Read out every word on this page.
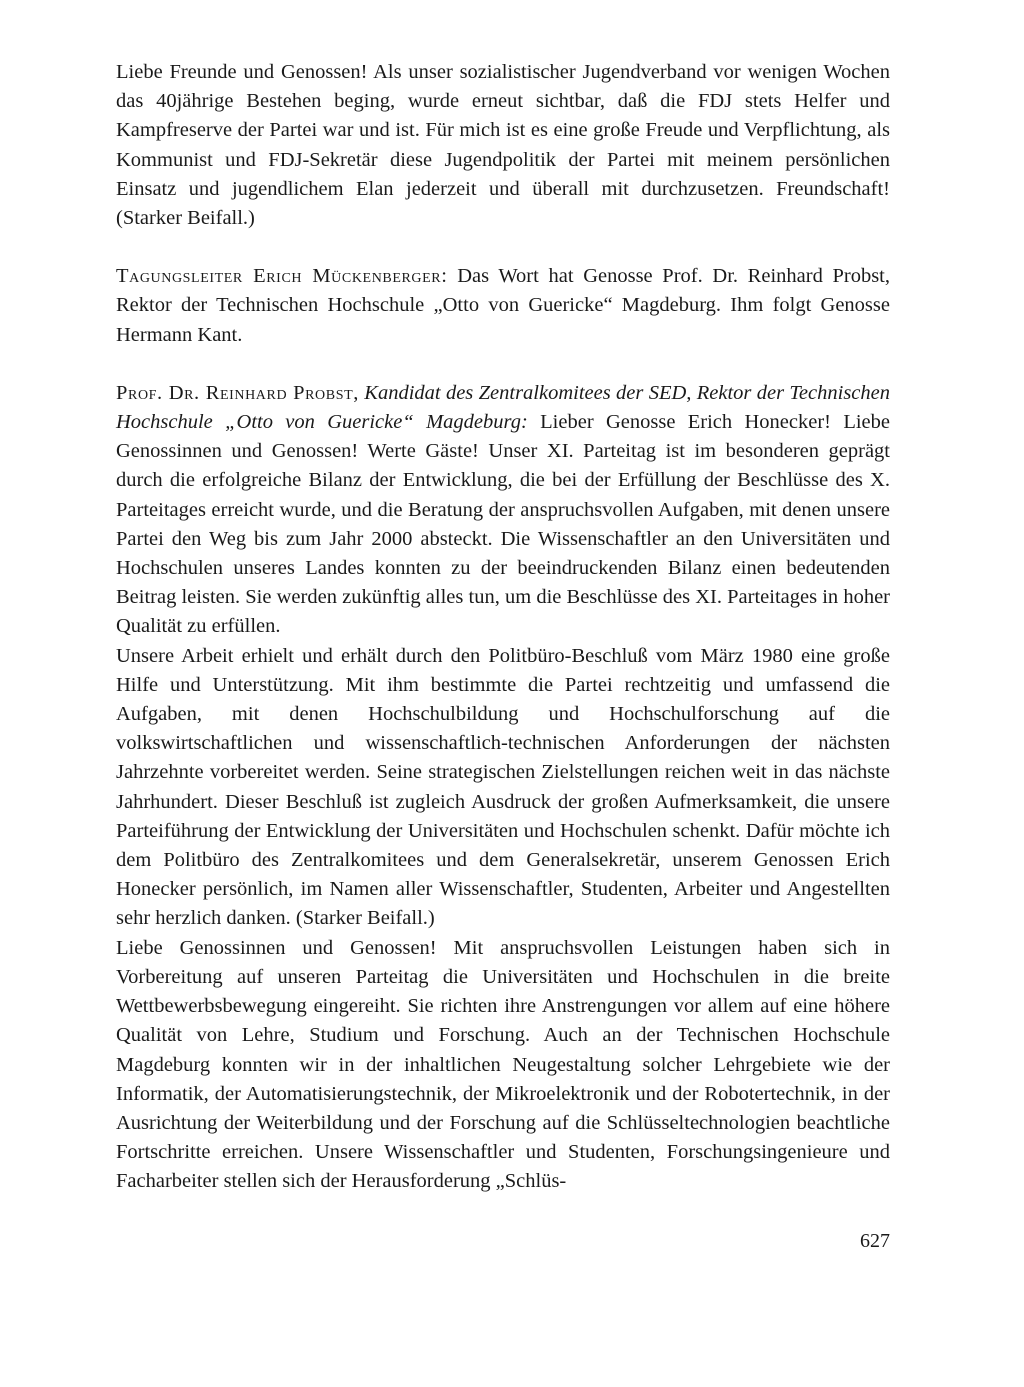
Liebe Freunde und Genossen! Als unser sozialistischer Jugendverband vor wenigen Wochen das 40jährige Bestehen beging, wurde erneut sichtbar, daß die FDJ stets Helfer und Kampfreserve der Partei war und ist. Für mich ist es eine große Freude und Verpflichtung, als Kommunist und FDJ-Sekretär diese Jugendpolitik der Partei mit meinem persönlichen Einsatz und jugendlichem Elan jederzeit und überall mit durchzusetzen. Freundschaft! (Starker Beifall.)

Tagungsleiter Erich Mückenberger: Das Wort hat Genosse Prof. Dr. Reinhard Probst, Rektor der Technischen Hochschule „Otto von Guericke“ Magdeburg. Ihm folgt Genosse Hermann Kant.

Prof. Dr. Reinhard Probst, Kandidat des Zentralkomitees der SED, Rektor der Technischen Hochschule „Otto von Guericke“ Magdeburg: Lieber Genosse Erich Honecker! Liebe Genossinnen und Genossen! Werte Gäste! Unser XI. Parteitag ist im besonderen geprägt durch die erfolgreiche Bilanz der Entwicklung, die bei der Erfüllung der Beschlüsse des X. Parteitages erreicht wurde, und die Beratung der anspruchsvollen Aufgaben, mit denen unsere Partei den Weg bis zum Jahr 2000 absteckt. Die Wissenschaftler an den Universitäten und Hochschulen unseres Landes konnten zu der beeindruckenden Bilanz einen bedeutenden Beitrag leisten. Sie werden zukünftig alles tun, um die Beschlüsse des XI. Parteitages in hoher Qualität zu erfüllen.

Unsere Arbeit erhielt und erhält durch den Politbüro-Beschluß vom März 1980 eine große Hilfe und Unterstützung. Mit ihm bestimmte die Partei rechtzeitig und umfassend die Aufgaben, mit denen Hochschulbildung und Hochschulforschung auf die volkswirtschaftlichen und wissenschaftlich-technischen Anforderungen der nächsten Jahrzehnte vorbereitet werden. Seine strategischen Zielstellungen reichen weit in das nächste Jahrhundert. Dieser Beschluß ist zugleich Ausdruck der großen Aufmerksamkeit, die unsere Parteiführung der Entwicklung der Universitäten und Hochschulen schenkt. Dafür möchte ich dem Politbüro des Zentralkomitees und dem Generalsekretär, unserem Genossen Erich Honecker persönlich, im Namen aller Wissenschaftler, Studenten, Arbeiter und Angestellten sehr herzlich danken. (Starker Beifall.)

Liebe Genossinnen und Genossen! Mit anspruchsvollen Leistungen haben sich in Vorbereitung auf unseren Parteitag die Universitäten und Hochschulen in die breite Wettbewerbsbewegung eingereiht. Sie richten ihre Anstrengungen vor allem auf eine höhere Qualität von Lehre, Studium und Forschung. Auch an der Technischen Hochschule Magdeburg konnten wir in der inhaltlichen Neugestaltung solcher Lehrgebiete wie der Informatik, der Automatisierungstechnik, der Mikroelektronik und der Robotertechnik, in der Ausrichtung der Weiterbildung und der Forschung auf die Schlüsseltechnologien beachtliche Fortschritte erreichen. Unsere Wissenschaftler und Studenten, Forschungsingenieure und Facharbeiter stellen sich der Herausforderung „Schlüs-

627
